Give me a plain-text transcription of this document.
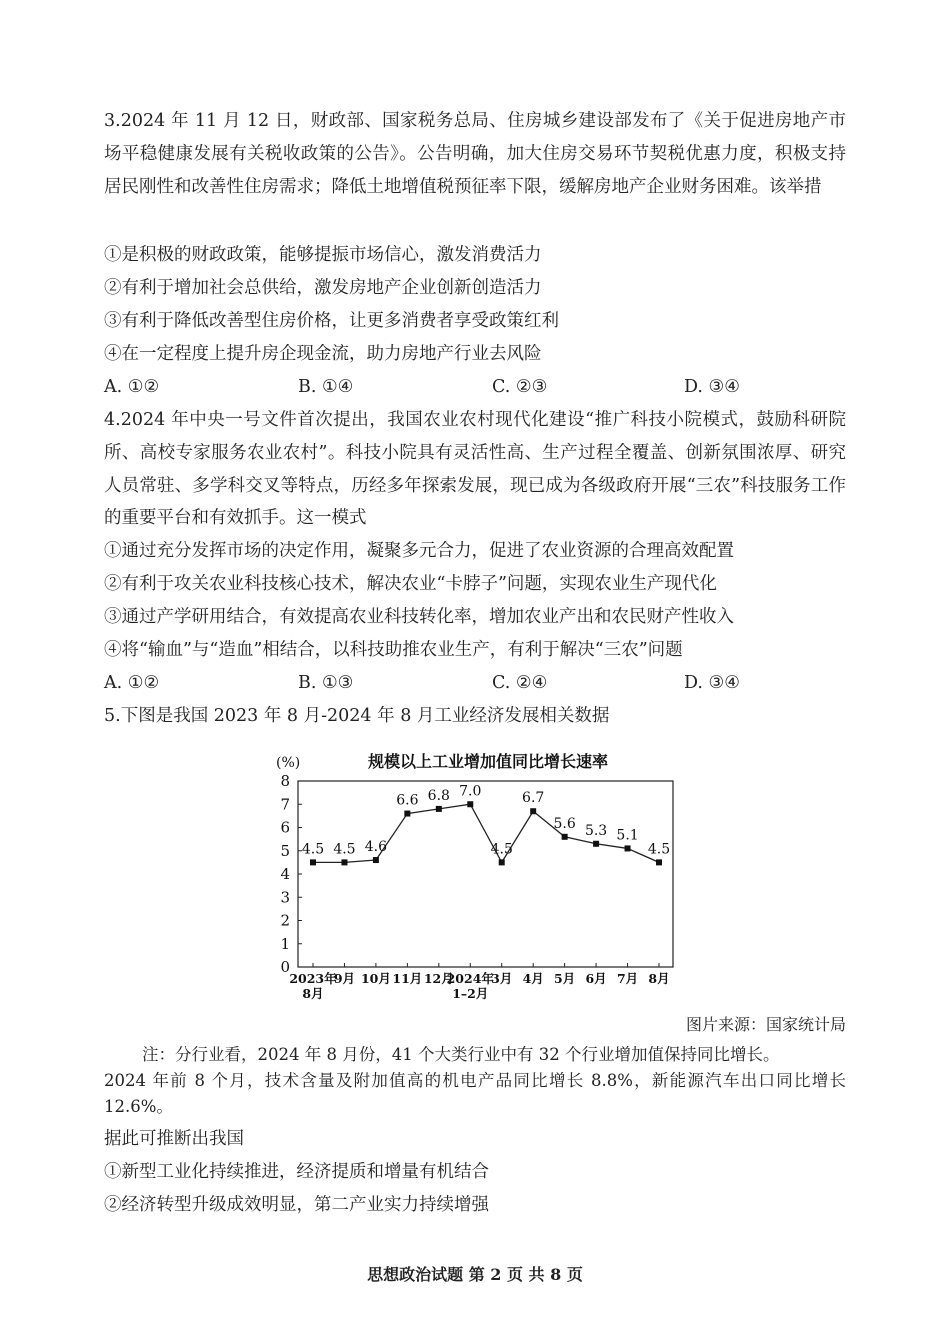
3.2024 年 11 月 12 日，财政部、国家税务总局、住房城乡建设部发布了《关于促进房地产市场平稳健康发展有关税收政策的公告》。公告明确，加大住房交易环节契税优惠力度，积极支持居民刚性和改善性住房需求；降低土地增值税预征率下限，缓解房地产企业财务困难。该举措

①是积极的财政政策，能够提振市场信心，激发消费活力

②有利于增加社会总供给，激发房地产企业创新创造活力

③有利于降低改善型住房价格，让更多消费者享受政策红利

④在一定程度上提升房企现金流，助力房地产行业去风险

A. ①②	B. ①④	C. ②③	D. ③④

4.2024 年中央一号文件首次提出，我国农业农村现代化建设“推广科技小院模式，鼓励科研院所、高校专家服务农业农村”。科技小院具有灵活性高、生产过程全覆盖、创新氛围浓厚、研究人员常驻、多学科交叉等特点，历经多年探索发展，现已成为各级政府开展“三农”科技服务工作的重要平台和有效抓手。这一模式

①通过充分发挥市场的决定作用，凝聚多元合力，促进了农业资源的合理高效配置

②有利于攻关农业科技核心技术，解决农业“卡脖子”问题，实现农业生产现代化

③通过产学研用结合，有效提高农业科技转化率，增加农业产出和农民财产性收入

④将“输血”与“造血”相结合，以科技助推农业生产，有利于解决“三农”问题

A. ①②	B. ①③	C. ②④	D. ③④

5.下图是我国 2023 年 8 月-2024 年 8 月工业经济发展相关数据

规模以上工业增加值同比增长速率
(%)
0
1
2
3
4
5
6
7
8
4.5 4.5 4.6
6.6 6.8 7.0
4.5
6.7
5.6 5.3 5.1
4.5
2023年
8月
9月 10月 11月 12月
2024年
1–2月
3月 4月 5月 6月 7月 8月
图片来源：国家统计局

注：分行业看，2024 年 8 月份，41 个大类行业中有 32 个行业增加值保持同比增长。

2024 年前 8 个月，技术含量及附加值高的机电产品同比增长 8.8%，新能源汽车出口同比增长 12.6%。

据此可推断出我国

①新型工业化持续推进，经济提质和增量有机结合

②经济转型升级成效明显，第二产业实力持续增强

思想政治试题 第 2 页 共 8 页
